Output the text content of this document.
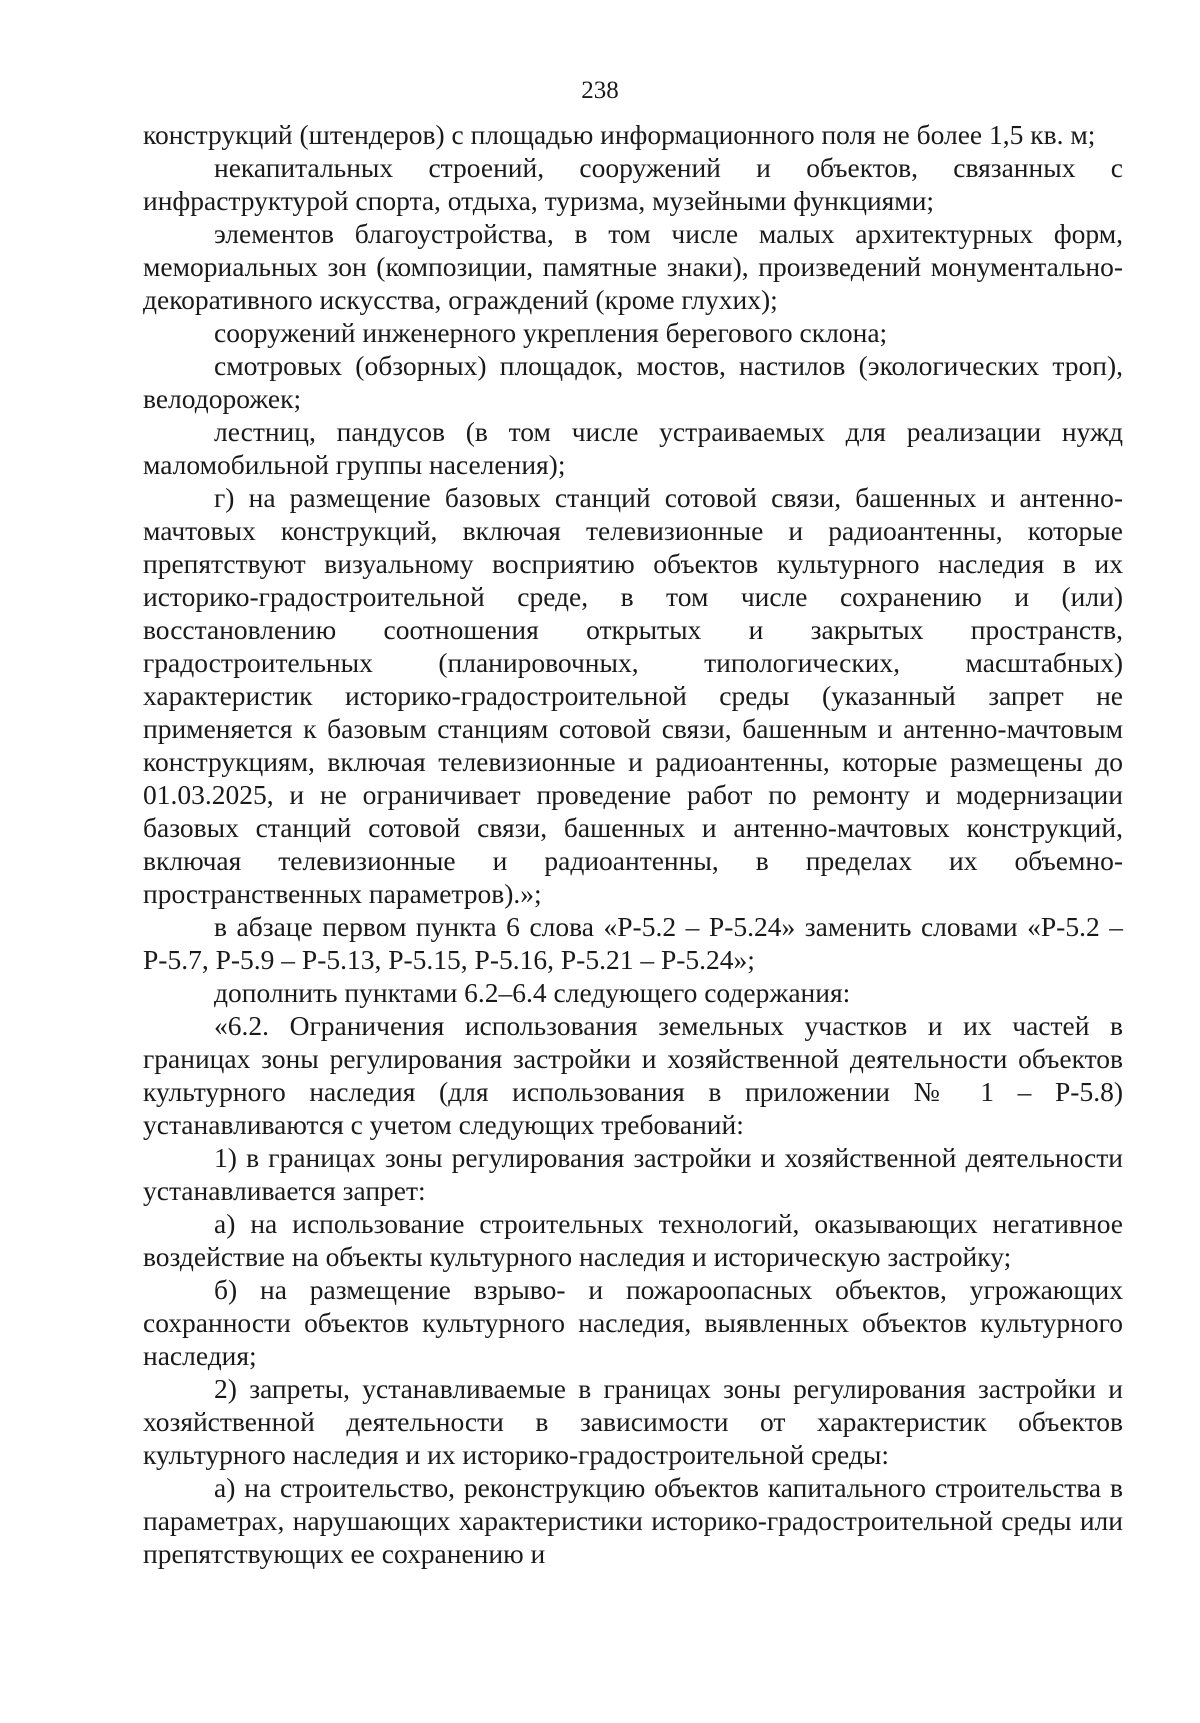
238

конструкций (штендеров) с площадью информационного поля не более 1,5 кв. м;

некапитальных строений, сооружений и объектов, связанных с инфраструктурой спорта, отдыха, туризма, музейными функциями;

элементов благоустройства, в том числе малых архитектурных форм, мемориальных зон (композиции, памятные знаки), произведений монументально-декоративного искусства, ограждений (кроме глухих);

сооружений инженерного укрепления берегового склона;

смотровых (обзорных) площадок, мостов, настилов (экологических троп), велодорожек;

лестниц, пандусов (в том числе устраиваемых для реализации нужд маломобильной группы населения);

г) на размещение базовых станций сотовой связи, башенных и антенно-мачтовых конструкций, включая телевизионные и радиоантенны, которые препятствуют визуальному восприятию объектов культурного наследия в их историко-градостроительной среде, в том числе сохранению и (или) восстановлению соотношения открытых и закрытых пространств, градостроительных (планировочных, типологических, масштабных) характеристик историко-градостроительной среды (указанный запрет не применяется к базовым станциям сотовой связи, башенным и антенно-мачтовым конструкциям, включая телевизионные и радиоантенны, которые размещены до 01.03.2025, и не ограничивает проведение работ по ремонту и модернизации базовых станций сотовой связи, башенных и антенно-мачтовых конструкций, включая телевизионные и радиоантенны, в пределах их объемно-пространственных параметров).»;

в абзаце первом пункта 6 слова «Р-5.2 – Р-5.24» заменить словами «Р-5.2 – Р-5.7, Р-5.9 – Р-5.13, Р-5.15, Р-5.16, Р-5.21 – Р-5.24»;

дополнить пунктами 6.2–6.4 следующего содержания:

«6.2. Ограничения использования земельных участков и их частей в границах зоны регулирования застройки и хозяйственной деятельности объектов культурного наследия (для использования в приложении № 1 – Р-5.8) устанавливаются с учетом следующих требований:

1) в границах зоны регулирования застройки и хозяйственной деятельности устанавливается запрет:

а) на использование строительных технологий, оказывающих негативное воздействие на объекты культурного наследия и историческую застройку;

б) на размещение взрыво- и пожароопасных объектов, угрожающих сохранности объектов культурного наследия, выявленных объектов культурного наследия;

2) запреты, устанавливаемые в границах зоны регулирования застройки и хозяйственной деятельности в зависимости от характеристик объектов культурного наследия и их историко-градостроительной среды:

а) на строительство, реконструкцию объектов капитального строительства в параметрах, нарушающих характеристики историко-градостроительной среды или препятствующих ее сохранению и
